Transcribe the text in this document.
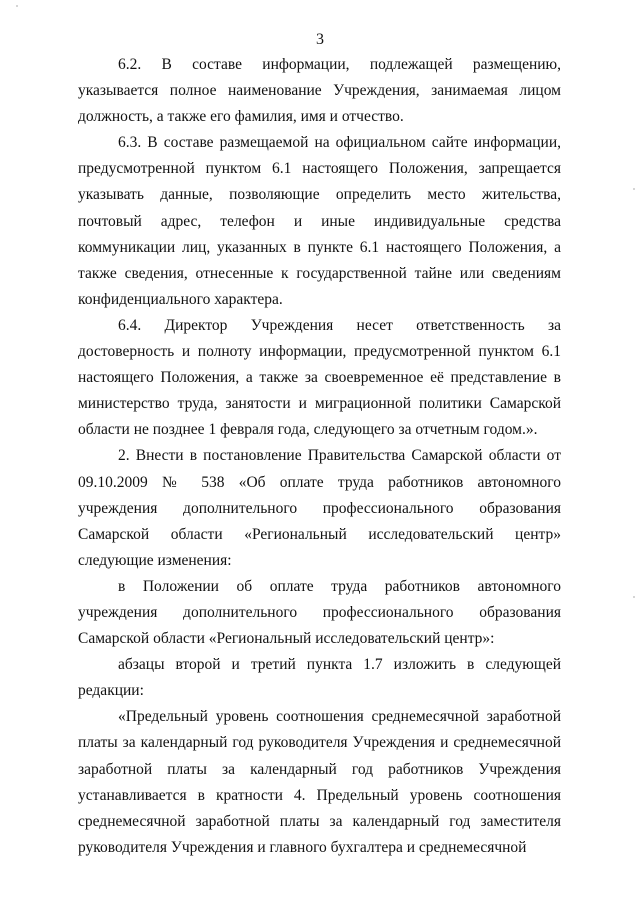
3

6.2. В составе информации, подлежащей размещению, указывается полное наименование Учреждения, занимаемая лицом должность, а также его фамилия, имя и отчество.

6.3. В составе размещаемой на официальном сайте информации, предусмотренной пунктом 6.1 настоящего Положения, запрещается указывать данные, позволяющие определить место жительства, почтовый адрес, телефон и иные индивидуальные средства коммуникации лиц, указанных в пункте 6.1 настоящего Положения, а также сведения, отнесенные к государственной тайне или сведениям конфиденциального характера.

6.4. Директор Учреждения несет ответственность за достоверность и полноту информации, предусмотренной пунктом 6.1 настоящего Положения, а также за своевременное её представление в министерство труда, занятости и миграционной политики Самарской области не позднее 1 февраля года, следующего за отчетным годом.».

2. Внести в постановление Правительства Самарской области от 09.10.2009 № 538 «Об оплате труда работников автономного учреждения дополнительного профессионального образования Самарской области «Региональный исследовательский центр» следующие изменения:

в Положении об оплате труда работников автономного учреждения дополнительного профессионального образования Самарской области «Региональный исследовательский центр»:

абзацы второй и третий пункта 1.7 изложить в следующей редакции:

«Предельный уровень соотношения среднемесячной заработной платы за календарный год руководителя Учреждения и среднемесячной заработной платы за календарный год работников Учреждения устанавливается в кратности 4. Предельный уровень соотношения среднемесячной заработной платы за календарный год заместителя руководителя Учреждения и главного бухгалтера и среднемесячной
